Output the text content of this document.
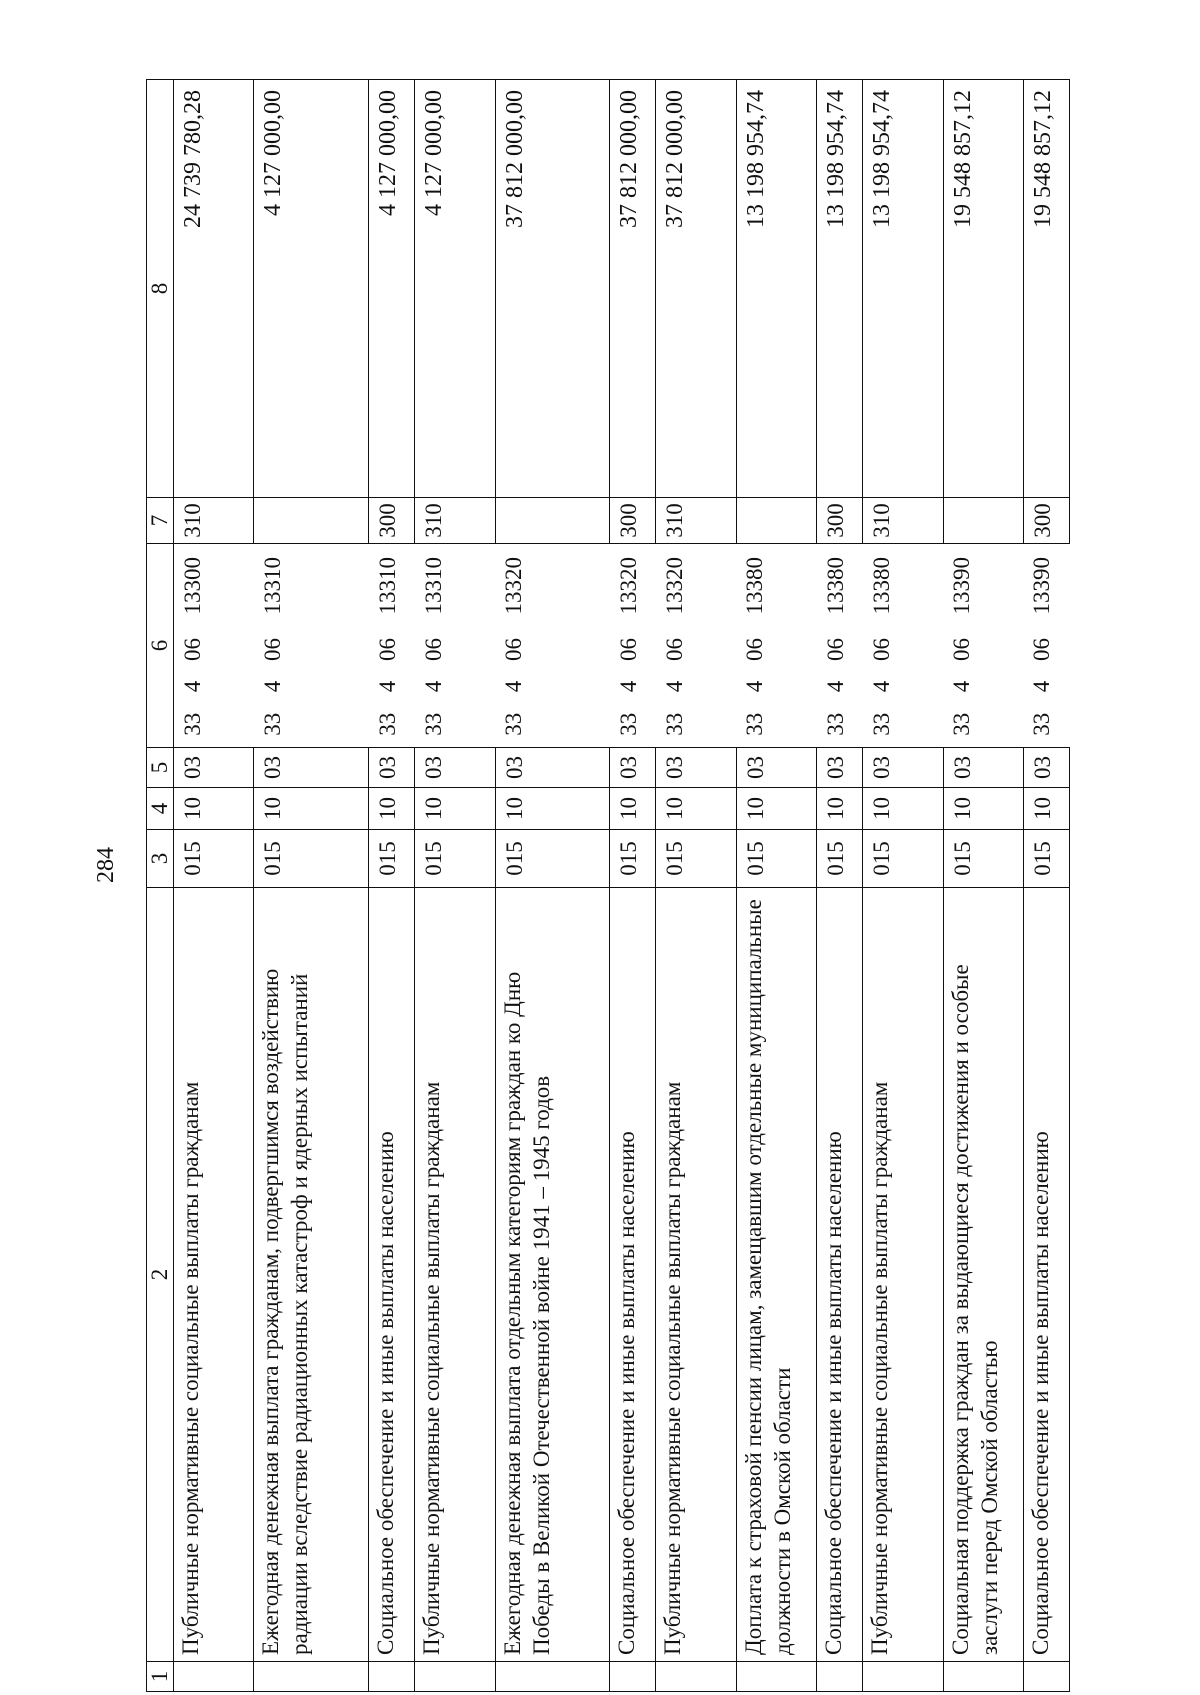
284
1	2	3	4	5	6				7	8
	Публичные нормативные социальные выплаты гражданам	015	10	03	33	4	06	13300	310	24 739 780,28
	Ежегодная денежная выплата гражданам, подвергшимся воздействию радиации вследствие радиационных катастроф и ядерных испытаний	015	10	03	33	4	06	13310		4 127 000,00
	Социальное обеспечение и иные выплаты населению	015	10	03	33	4	06	13310	300	4 127 000,00
	Публичные нормативные социальные выплаты гражданам	015	10	03	33	4	06	13310	310	4 127 000,00
	Ежегодная денежная выплата отдельным категориям граждан ко Дню Победы в Великой Отечественной войне 1941 – 1945 годов	015	10	03	33	4	06	13320		37 812 000,00
	Социальное обеспечение и иные выплаты населению	015	10	03	33	4	06	13320	300	37 812 000,00
	Публичные нормативные социальные выплаты гражданам	015	10	03	33	4	06	13320	310	37 812 000,00
	Доплата к страховой пенсии лицам, замещавшим отдельные муниципальные должности в Омской области	015	10	03	33	4	06	13380		13 198 954,74
	Социальное обеспечение и иные выплаты населению	015	10	03	33	4	06	13380	300	13 198 954,74
	Публичные нормативные социальные выплаты гражданам	015	10	03	33	4	06	13380	310	13 198 954,74
	Социальная поддержка граждан за выдающиеся достижения и особые заслуги перед Омской областью	015	10	03	33	4	06	13390		19 548 857,12
	Социальное обеспечение и иные выплаты населению	015	10	03	33	4	06	13390	300	19 548 857,12
